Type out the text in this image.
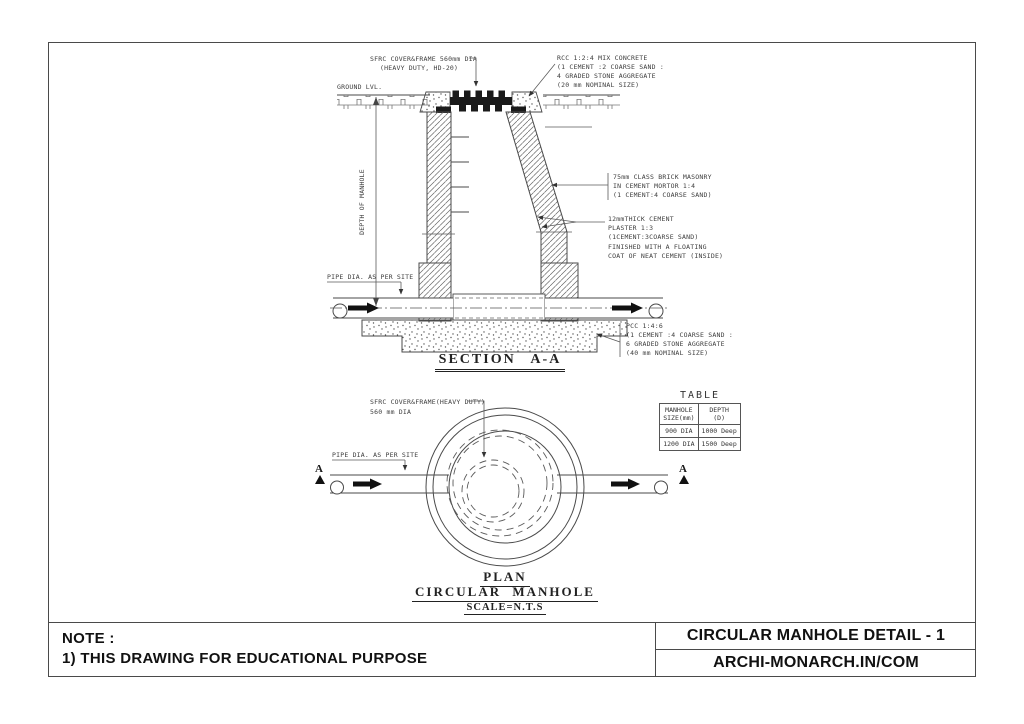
GROUND LVL.
DEPTH OF MANHOLE
SFRC COVER&FRAME 560mm DIA
(HEAVY DUTY, HD-20)
RCC 1:2:4 MIX CONCRETE
(1 CEMENT :2 COARSE SAND :
4 GRADED STONE AGGREGATE
(20 mm NOMINAL SIZE)
75mm CLASS BRICK MASONRY
IN CEMENT MORTOR 1:4
(1 CEMENT:4 COARSE SAND)
12mmTHICK CEMENT
PLASTER 1:3
(1CEMENT:3COARSE SAND)
FINISHED WITH A FLOATING
COAT OF NEAT CEMENT (INSIDE)
PIPE DIA. AS PER SITE
PCC 1:4:6
(1 CEMENT :4 COARSE SAND :
6 GRADED STONE AGGREGATE
(40 mm NOMINAL SIZE)
A	A
SFRC COVER&FRAME(HEAVY DUTY)
560 mm DIA
PIPE DIA. AS PER SITE
SECTION A-A
PLAN
CIRCULAR MANHOLE
SCALE=N.T.S
TABLE
MANHOLE
SIZE(mm)	DEPTH
(D)

900 DIA	1000 Deep
1200 DIA	1500 Deep
NOTE :
1) THIS DRAWING FOR EDUCATIONAL PURPOSE
CIRCULAR MANHOLE DETAIL - 1
ARCHI-MONARCH.IN/COM
